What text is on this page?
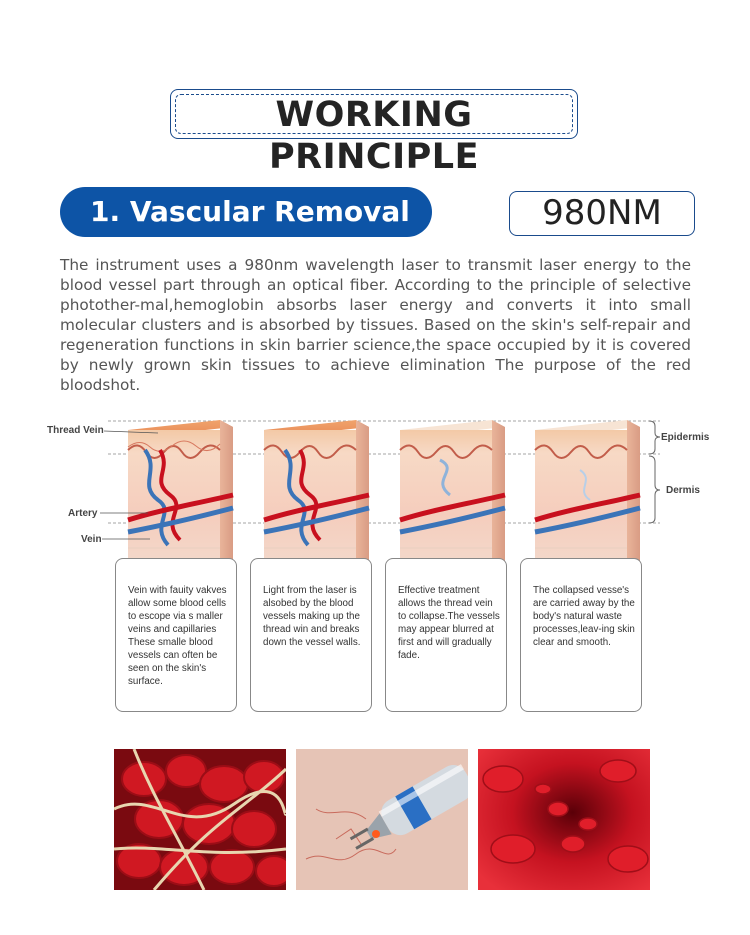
WORKING PRINCIPLE
1. Vascular Removal	980NM

The instrument uses a 980nm wavelength laser to transmit laser energy to the blood vessel part through an optical fiber. According to the principle of selective photother-mal,hemoglobin absorbs laser energy and converts it into small molecular clusters and is absorbed by tissues. Based on the skin's self-repair and regeneration functions in skin barrier science,the space occupied by it is covered by newly grown skin tissues to achieve elimination The purpose of the red bloodshot.

Thread Vein
Artery
Vein
Epidermis
Dermis
Vein with fauity vakves allow some blood cells to escope via s maller veins and capillaries These smalle blood vessels can often be seen on the skin's surface.
Light from the laser is alsobed by the blood vessels making up the thread win and breaks down the vessel walls.
Effective treatment allows the thread vein to collapse.The vessels may appear blurred at first and will gradually fade.
The collapsed vesse's are carried away by the body's natural waste processes,leav-ing skin clear and smooth.
